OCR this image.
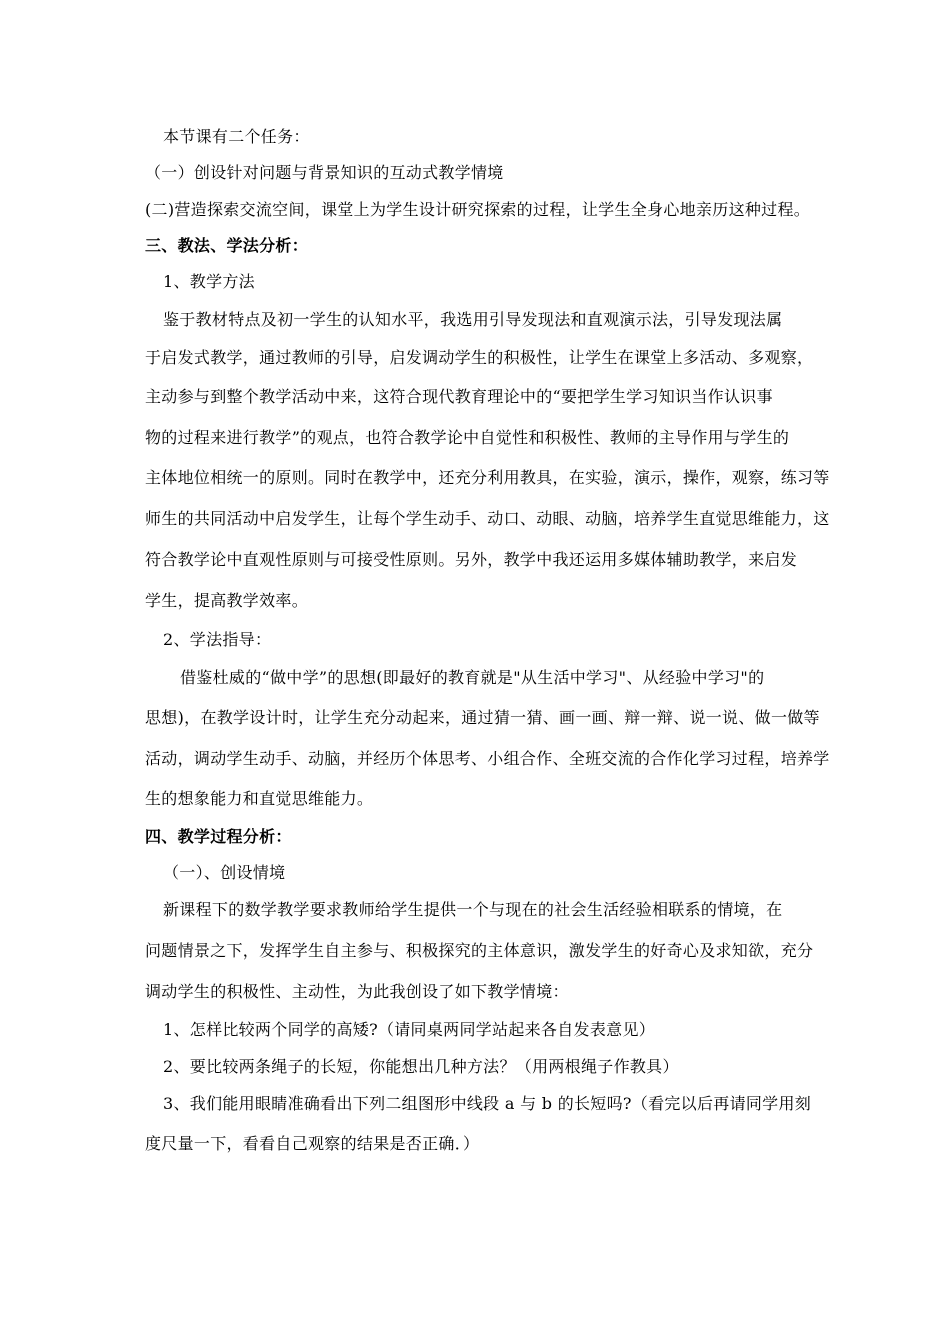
本节课有二个任务：
（一）创设针对问题与背景知识的互动式教学情境
(二)营造探索交流空间，课堂上为学生设计研究探索的过程，让学生全身心地亲历这种过程。
三、教法、学法分析：
1、教学方法
鉴于教材特点及初一学生的认知水平，我选用引导发现法和直观演示法，引导发现法属
于启发式教学，通过教师的引导，启发调动学生的积极性，让学生在课堂上多活动、多观察，
主动参与到整个教学活动中来，这符合现代教育理论中的“要把学生学习知识当作认识事
物的过程来进行教学”的观点，也符合教学论中自觉性和积极性、教师的主导作用与学生的
主体地位相统一的原则。同时在教学中，还充分利用教具，在实验，演示，操作，观察，练习等
师生的共同活动中启发学生，让每个学生动手、动口、动眼、动脑，培养学生直觉思维能力，这
符合教学论中直观性原则与可接受性原则。另外，教学中我还运用多媒体辅助教学，来启发
学生，提高教学效率。
2、学法指导：
借鉴杜威的“做中学”的思想(即最好的教育就是"从生活中学习"、从经验中学习"的
思想)，在教学设计时，让学生充分动起来，通过猜一猜、画一画、辩一辩、说一说、做一做等
活动，调动学生动手、动脑，并经历个体思考、小组合作、全班交流的合作化学习过程，培养学
生的想象能力和直觉思维能力。
四、教学过程分析：
（一）、创设情境
新课程下的数学教学要求教师给学生提供一个与现在的社会生活经验相联系的情境，在
问题情景之下，发挥学生自主参与、积极探究的主体意识，激发学生的好奇心及求知欲，充分
调动学生的积极性、主动性，为此我创设了如下教学情境：
1、怎样比较两个同学的高矮?（请同桌两同学站起来各自发表意见）
2、要比较两条绳子的长短，你能想出几种方法？（用两根绳子作教具）
3、我们能用眼睛准确看出下列二组图形中线段 a 与 b 的长短吗?（看完以后再请同学用刻
度尺量一下，看看自己观察的结果是否正确．）
